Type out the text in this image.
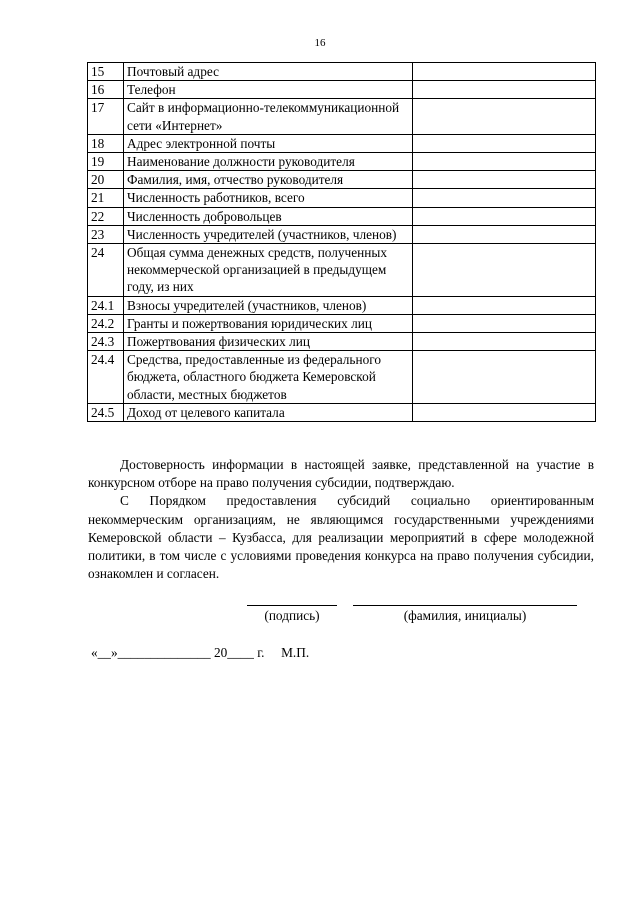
16
15	Почтовый адрес	
16	Телефон	
17	Сайт в информационно-телекоммуникационной сети «Интернет»	
18	Адрес электронной почты	
19	Наименование должности руководителя	
20	Фамилия, имя, отчество руководителя	
21	Численность работников, всего	
22	Численность добровольцев	
23	Численность учредителей (участников, членов)	
24	Общая сумма денежных средств, полученных некоммерческой организацией в предыдущем году, из них	
24.1	Взносы учредителей (участников, членов)	
24.2	Гранты и пожертвования юридических лиц	
24.3	Пожертвования физических лиц	
24.4	Средства, предоставленные из федерального бюджета, областного бюджета Кемеровской области, местных бюджетов	
24.5	Доход от целевого капитала	

Достоверность информации в настоящей заявке, представленной на участие в конкурсном отборе на право получения субсидии, подтверждаю.

С Порядком предоставления субсидий социально ориентированным некоммерческим организациям, не являющимся государственными учреждениями Кемеровской области – Кузбасса, для реализации мероприятий в сфере молодежной политики, в том числе с условиями проведения конкурса на право получения субсидии, ознакомлен и согласен.

(подпись)	(фамилия, инициалы)
«__»______________ 20____ г.     М.П.
